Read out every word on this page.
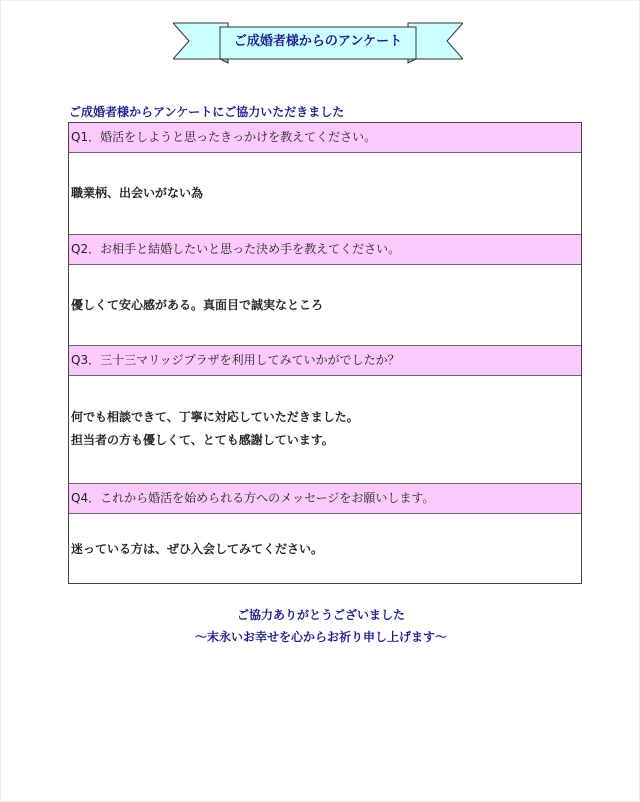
ご成婚者様からのアンケート
ご成婚者様からアンケートにご協力いただきました
Q1．婚活をしようと思ったきっかけを教えてください。
職業柄、出会いがない為
Q2．お相手と結婚したいと思った決め手を教えてください。
優しくて安心感がある。真面目で誠実なところ
Q3．三十三マリッジプラザを利用してみていかがでしたか？
何でも相談できて、丁寧に対応していただきました。
担当者の方も優しくて、とても感謝しています。
Q4．これから婚活を始められる方へのメッセージをお願いします。
迷っている方は、ぜひ入会してみてください。
ご協力ありがとうございました
～末永いお幸せを心からお祈り申し上げます～
